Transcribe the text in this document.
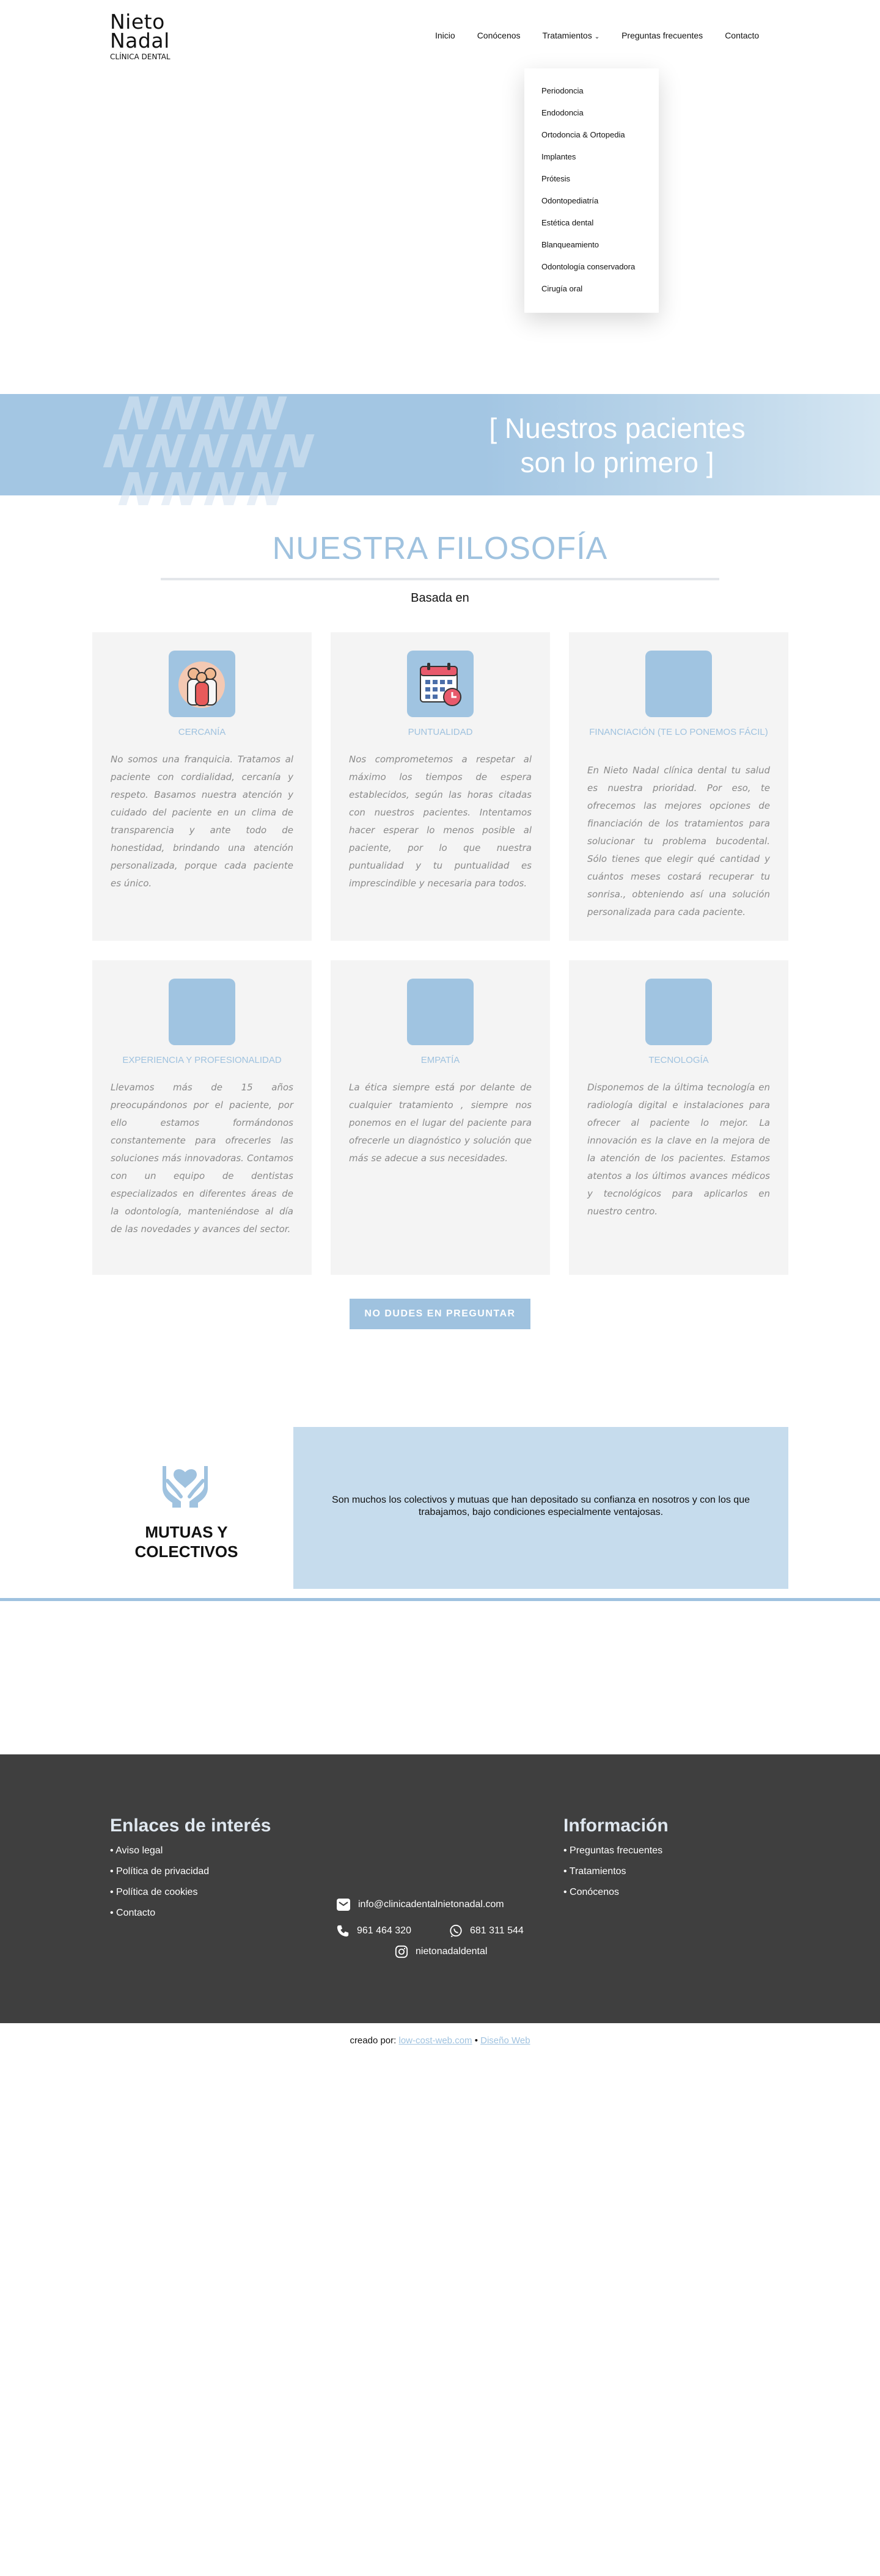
Nieto
Nadal
CLÍNICA DENTAL
Inicio	Conócenos	Tratamientos ⌄	Preguntas frecuentes	Contacto
Periodoncia
Endodoncia
Ortodoncia & Ortopedia
Implantes
Prótesis
Odontopediatría
Estética dental
Blanqueamiento
Odontología conservadora
Cirugía oral
N
N
N
N
N
N
N
N
N
N
N
N
N
[ Nuestros pacientes
son lo primero ]
NUESTRA FILOSOFÍA
Basada en
CERCANÍA
No somos una franquicia. Tratamos al paciente con cordialidad, cercanía y respeto. Basamos nuestra atención y cuidado del paciente en un clima de transparencia y ante todo de honestidad, brindando una atención personalizada, porque cada paciente es único.
PUNTUALIDAD
Nos comprometemos a respetar al máximo los tiempos de espera establecidos, según las horas citadas con nuestros pacientes. Intentamos hacer esperar lo menos posible al paciente, por lo que nuestra puntualidad y tu puntualidad es imprescindible y necesaria para todos.
FINANCIACIÓN (TE LO PONEMOS FÁCIL)
En Nieto Nadal clínica dental tu salud es nuestra prioridad. Por eso, te ofrecemos las mejores opciones de financiación de los tratamientos para solucionar tu problema bucodental. Sólo tienes que elegir qué cantidad y cuántos meses costará recuperar tu sonrisa., obteniendo así una solución personalizada para cada paciente.
EXPERIENCIA Y PROFESIONALIDAD
Llevamos más de 15 años preocupándonos por el paciente, por ello estamos formándonos constantemente para ofrecerles las soluciones más innovadoras. Contamos con un equipo de dentistas especializados en diferentes áreas de la odontología, manteniéndose al día de las novedades y avances del sector.
EMPATÍA
La ética siempre está por delante de cualquier tratamiento , siempre nos ponemos en el lugar del paciente para ofrecerle un diagnóstico y solución que más se adecue a sus necesidades.
TECNOLOGÍA
Disponemos de la última tecnología en radiología digital e instalaciones para ofrecer al paciente lo mejor. La innovación es la clave en la mejora de la atención de los pacientes. Estamos atentos a los últimos avances médicos y tecnológicos para aplicarlos en nuestro centro.
NO DUDES EN PREGUNTAR
MUTUAS Y
COLECTIVOS
Son muchos los colectivos y mutuas que han depositado su confianza en nosotros y con los que trabajamos, bajo condiciones especialmente ventajosas.
Enlaces de interés
• Aviso legal
• Política de privacidad
• Política de cookies
• Contacto
Información
• Preguntas frecuentes
• Tratamientos
• Conócenos
info@clinicadentalnietonadal.com
961 464 320	681 311 544
nietonadaldental
creado por: low-cost-web.com • Diseño Web
